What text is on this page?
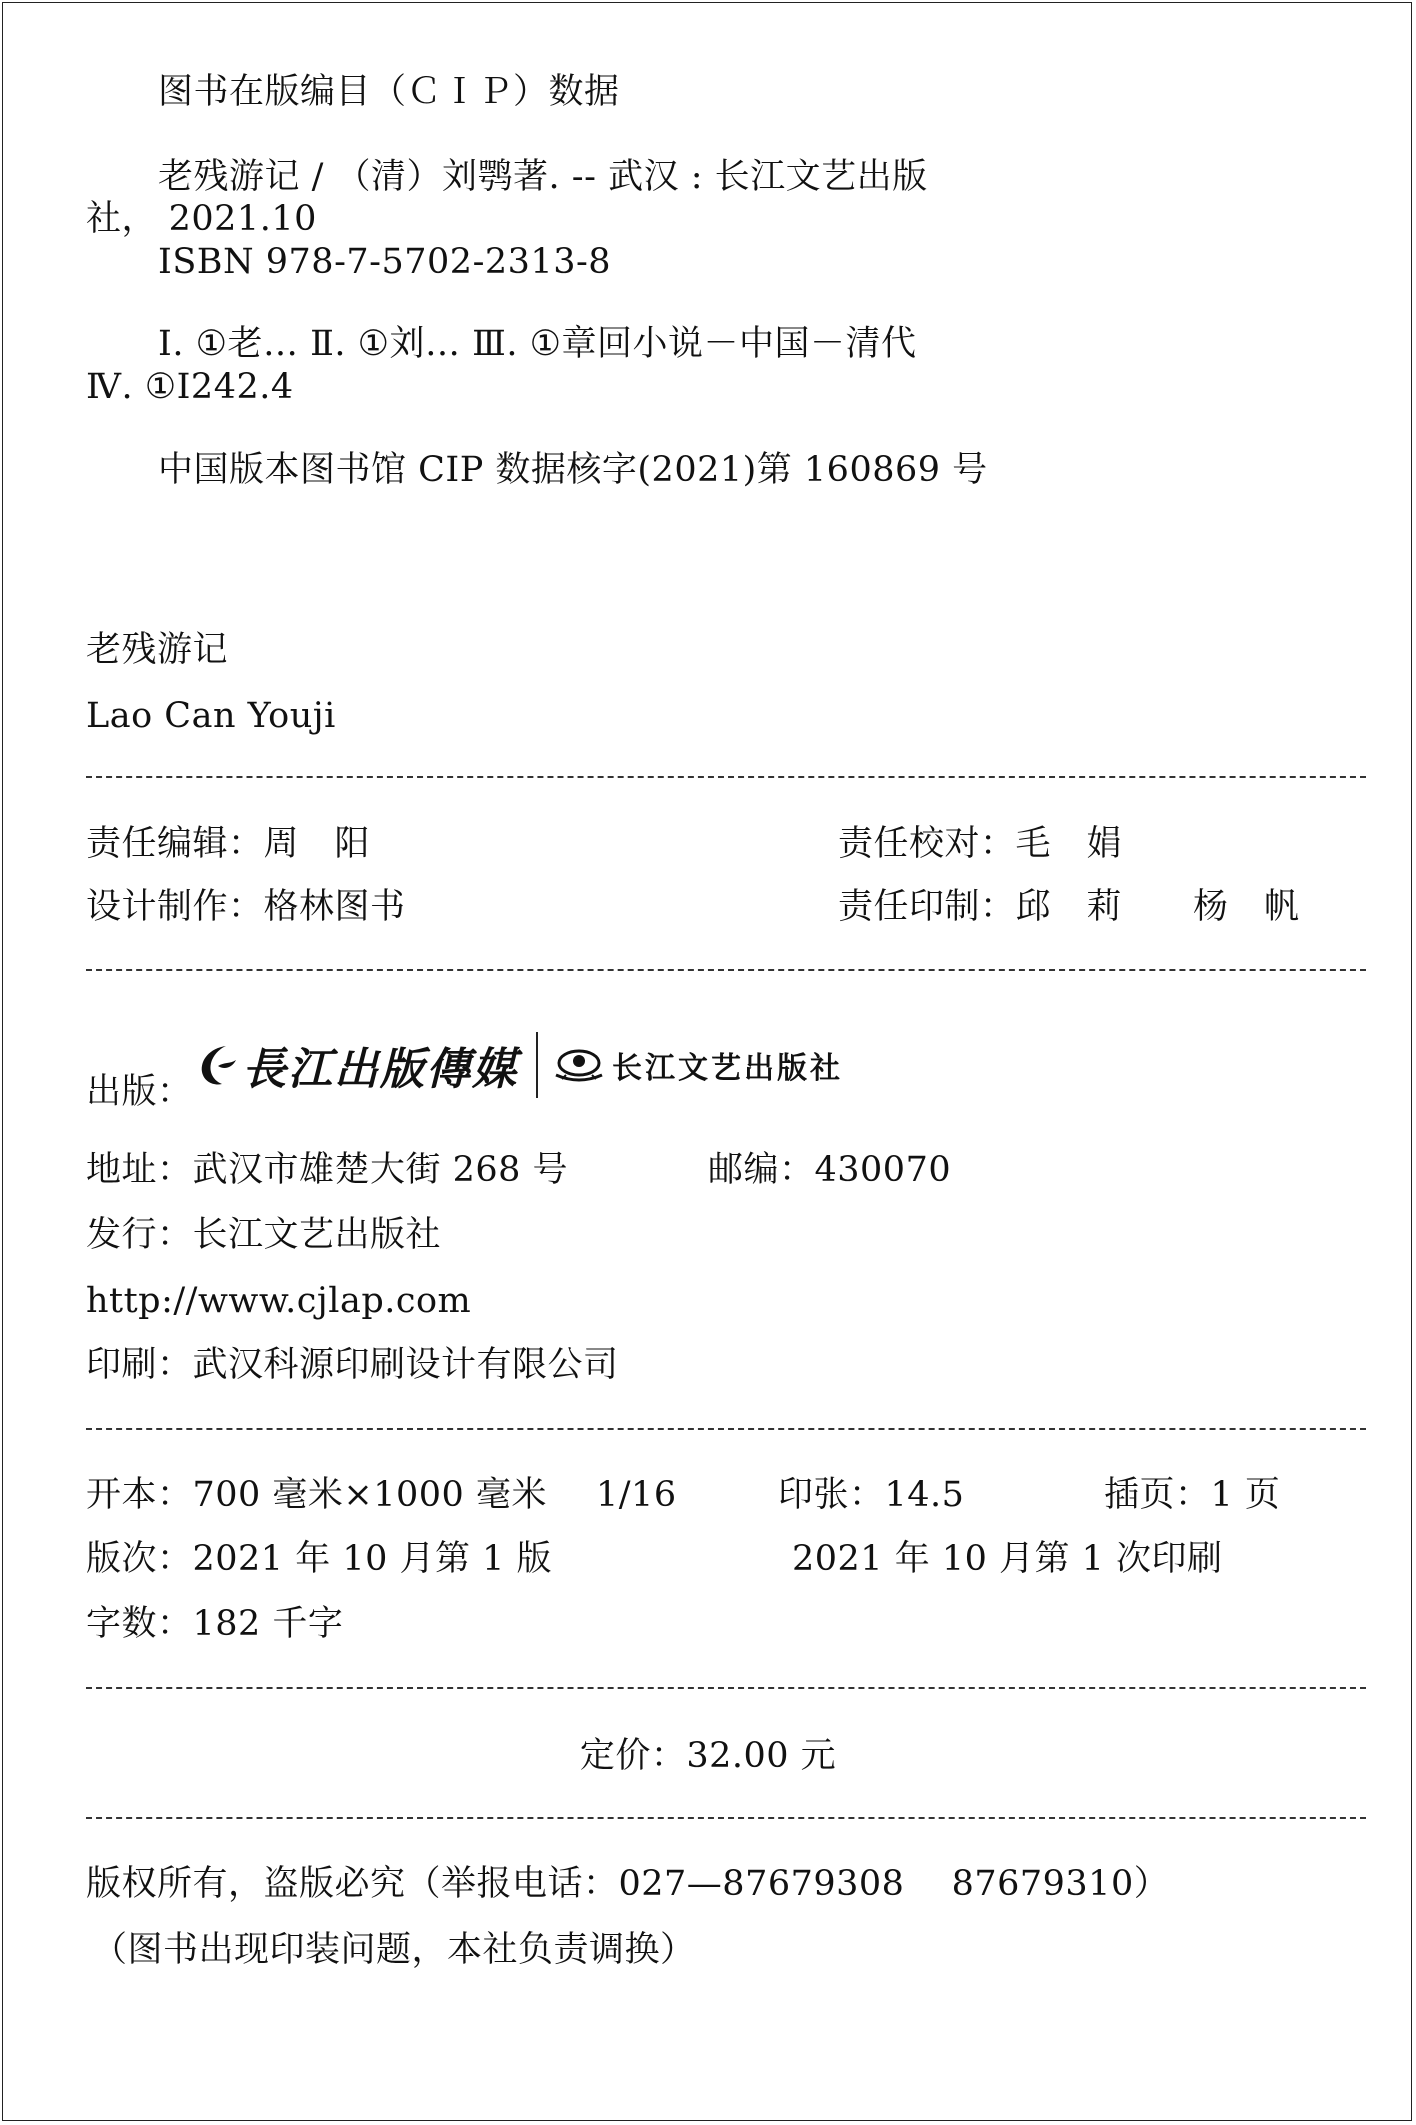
图书在版编目（ＣＩＰ）数据
老残游记 / （清）刘鹗著. -- 武汉 : 长江文艺出版
社， 2021.10
ISBN 978-7-5702-2313-8
Ⅰ. ①老… Ⅱ. ①刘… Ⅲ. ①章回小说－中国－清代
Ⅳ. ①I242.4
中国版本图书馆 CIP 数据核字(2021)第 160869 号
老残游记
Lao Can Youji
责任编辑：周　阳	责任校对：毛　娟
设计制作：格林图书	责任印制：邱　莉　　杨　帆
出版： 長江出版傳媒	长江文艺出版社
地址：武汉市雄楚大街 268 号	邮编：430070
发行：长江文艺出版社
http://www.cjlap.com
印刷：武汉科源印刷设计有限公司
开本：700 毫米×1000 毫米 1/16	印张：14.5	插页：1 页
版次：2021 年 10 月第 1 版	2021 年 10 月第 1 次印刷
字数：182 千字
定价：32.00 元
版权所有，盗版必究（举报电话：027—87679308　 87679310）
（图书出现印装问题，本社负责调换）
